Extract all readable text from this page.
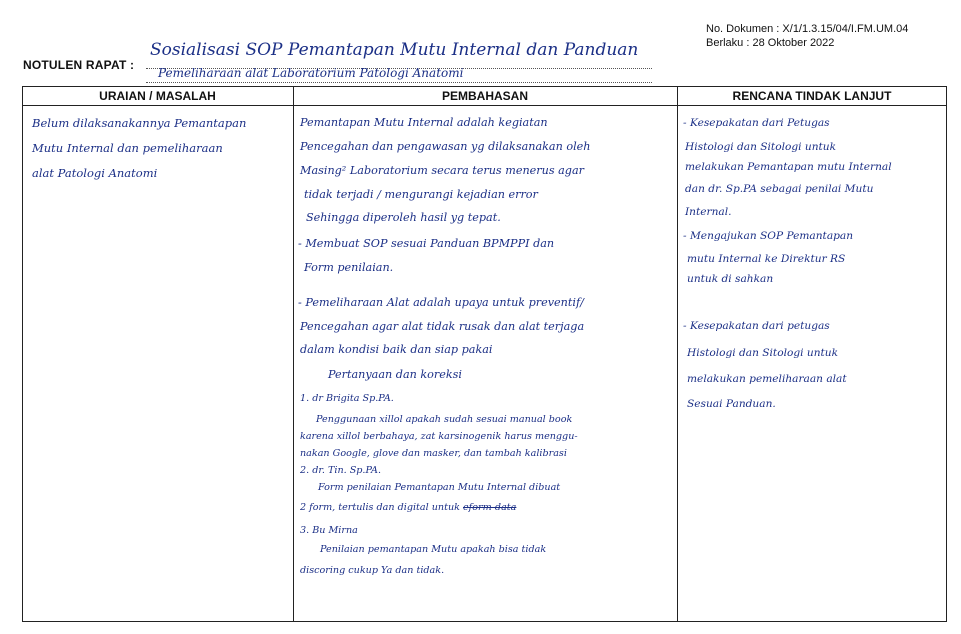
No. Dokumen : X/1/1.3.15/04/I.FM.UM.04
Berlaku : 28 Oktober 2022
NOTULEN RAPAT :
Sosialisasi SOP Pemantapan Mutu Internal dan Panduan
Pemeliharaan alat Laboratorium Patologi Anatomi
URAIAN / MASALAH	PEMBAHASAN	RENCANA TINDAK LANJUT
Belum dilaksanakannya Pemantapan
Mutu Internal dan pemeliharaan
alat Patologi Anatomi
Pemantapan Mutu Internal adalah kegiatan
Pencegahan dan pengawasan yg dilaksanakan oleh
Masing² Laboratorium secara terus menerus agar
tidak terjadi / mengurangi kejadian error
Sehingga diperoleh hasil yg tepat.
- Membuat SOP sesuai Panduan BPMPPI dan
Form penilaian.
- Pemeliharaan Alat adalah upaya untuk preventif/
Pencegahan agar alat tidak rusak dan alat terjaga
dalam kondisi baik dan siap pakai
Pertanyaan dan koreksi
1. dr Brigita Sp.PA.
Penggunaan xillol apakah sudah sesuai manual book
karena xillol berbahaya, zat karsinogenik harus menggu-
nakan Google, glove dan masker, dan tambah kalibrasi
2. dr. Tin. Sp.PA.
Form penilaian Pemantapan Mutu Internal dibuat
2 form, tertulis dan digital untuk eform-data
3. Bu Mirna
Penilaian pemantapan Mutu apakah bisa tidak
discoring cukup Ya dan tidak.
- Kesepakatan dari Petugas
Histologi dan Sitologi untuk
melakukan Pemantapan mutu Internal
dan dr. Sp.PA sebagai penilai Mutu
Internal.
- Mengajukan SOP Pemantapan
mutu Internal ke Direktur RS
untuk di sahkan
- Kesepakatan dari petugas
Histologi dan Sitologi untuk
melakukan pemeliharaan alat
Sesuai Panduan.
